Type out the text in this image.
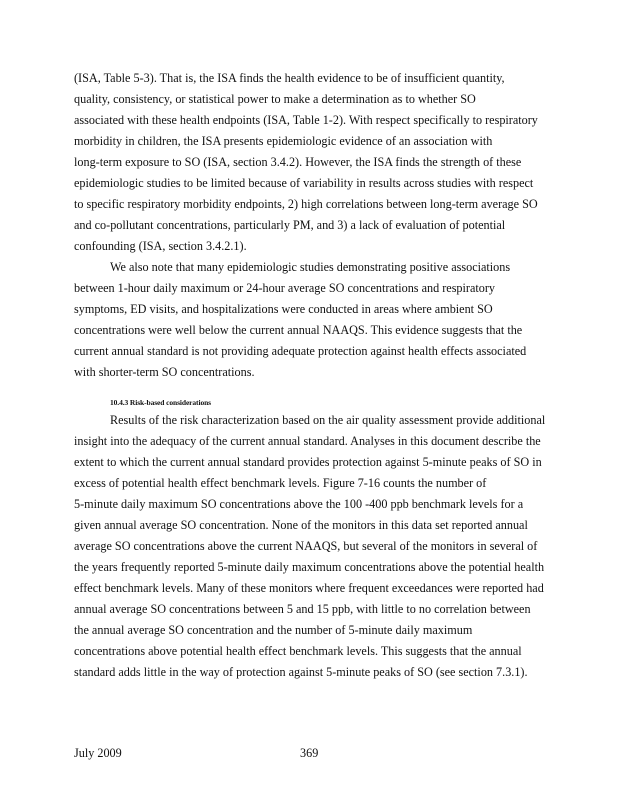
(ISA, Table 5-3). That is, the ISA finds the health evidence to be of insufficient quantity,
quality, consistency, or statistical power to make a determination as to whether SO
associated with these health endpoints (ISA, Table 1-2). With respect specifically to respiratory
morbidity in children, the ISA presents epidemiologic evidence of an association with
long-term exposure to SO (ISA, section 3.4.2). However, the ISA finds the strength of these
epidemiologic studies to be limited because of variability in results across studies with respect
to specific respiratory morbidity endpoints, 2) high correlations between long-term average SO
and co-pollutant concentrations, particularly PM, and 3) a lack of evaluation of potential
confounding (ISA, section 3.4.2.1).
We also note that many epidemiologic studies demonstrating positive associations
between 1-hour daily maximum or 24-hour average SO concentrations and respiratory
symptoms, ED visits, and hospitalizations were conducted in areas where ambient SO
concentrations were well below the current annual NAAQS. This evidence suggests that the
current annual standard is not providing adequate protection against health effects associated
with shorter-term SO concentrations.
10.4.3 Risk-based considerations
Results of the risk characterization based on the air quality assessment provide additional
insight into the adequacy of the current annual standard. Analyses in this document describe the
extent to which the current annual standard provides protection against 5-minute peaks of SO in
excess of potential health effect benchmark levels. Figure 7-16 counts the number of
5-minute daily maximum SO concentrations above the 100 -400 ppb benchmark levels for a
given annual average SO concentration. None of the monitors in this data set reported annual
average SO concentrations above the current NAAQS, but several of the monitors in several of
the years frequently reported 5-minute daily maximum concentrations above the potential health
effect benchmark levels. Many of these monitors where frequent exceedances were reported had
annual average SO concentrations between 5 and 15 ppb, with little to no correlation between
the annual average SO concentration and the number of 5-minute daily maximum
concentrations above potential health effect benchmark levels. This suggests that the annual
standard adds little in the way of protection against 5-minute peaks of SO (see section 7.3.1).
July 2009	369
